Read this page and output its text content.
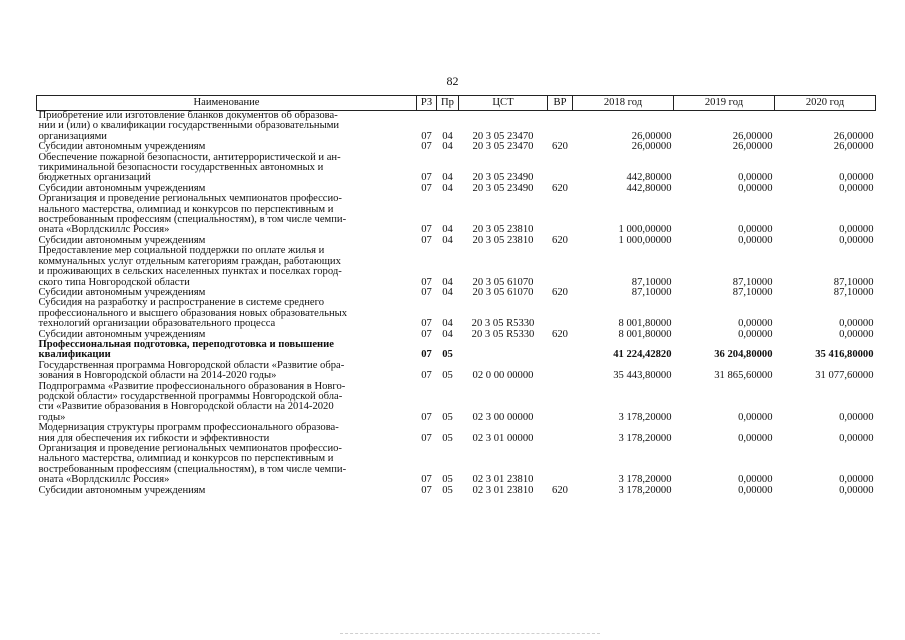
82
Наименование	РЗ	Пр	ЦСТ	ВР	2018 год	2019 год	2020 год
Приобретение или изготовление бланков документов об образова-
нии и (или) о квалификации государственными образовательными
организациями	07	04	20 3 05 23470		26,00000	26,00000	26,00000
Субсидии автономным учреждениям	07	04	20 3 05 23470	620	26,00000	26,00000	26,00000
Обеспечение пожарной безопасности, антитеррористической и ан-
тикриминальной безопасности государственных автономных и
бюджетных организаций	07	04	20 3 05 23490		442,80000	0,00000	0,00000
Субсидии автономным учреждениям	07	04	20 3 05 23490	620	442,80000	0,00000	0,00000
Организация и проведение региональных чемпионатов профессио-
нального мастерства, олимпиад и конкурсов по перспективным и
востребованным профессиям (специальностям), в том числе чемпи-
оната «Ворлдскиллс Россия»	07	04	20 3 05 23810		1 000,00000	0,00000	0,00000
Субсидии автономным учреждениям	07	04	20 3 05 23810	620	1 000,00000	0,00000	0,00000
Предоставление мер социальной поддержки по оплате жилья и
коммунальных услуг отдельным категориям граждан, работающих
и проживающих в сельских населенных пунктах и поселках город-
ского типа Новгородской области	07	04	20 3 05 61070		87,10000	87,10000	87,10000
Субсидии автономным учреждениям	07	04	20 3 05 61070	620	87,10000	87,10000	87,10000
Субсидия на разработку и распространение в системе среднего
профессионального и высшего образования новых образовательных
технологий организации образовательного процесса	07	04	20 3 05 R5330		8 001,80000	0,00000	0,00000
Субсидии автономным учреждениям	07	04	20 3 05 R5330	620	8 001,80000	0,00000	0,00000
Профессиональная подготовка, переподготовка и повышение
квалификации	07	05			41 224,42820	36 204,80000	35 416,80000
Государственная программа Новгородской области «Развитие обра-
зования в Новгородской области на 2014-2020 годы»	07	05	02 0 00 00000		35 443,80000	31 865,60000	31 077,60000
Подпрограмма «Развитие профессионального образования в Новго-
родской области» государственной программы Новгородской обла-
сти «Развитие образования в Новгородской области на 2014-2020
годы»	07	05	02 3 00 00000		3 178,20000	0,00000	0,00000
Модернизация структуры программ профессионального образова-
ния для обеспечения их гибкости и эффективности	07	05	02 3 01 00000		3 178,20000	0,00000	0,00000
Организация и проведение региональных чемпионатов профессио-
нального мастерства, олимпиад и конкурсов по перспективным и
востребованным профессиям (специальностям), в том числе чемпи-
оната «Ворлдскиллс Россия»	07	05	02 3 01 23810		3 178,20000	0,00000	0,00000
Субсидии автономным учреждениям	07	05	02 3 01 23810	620	3 178,20000	0,00000	0,00000
